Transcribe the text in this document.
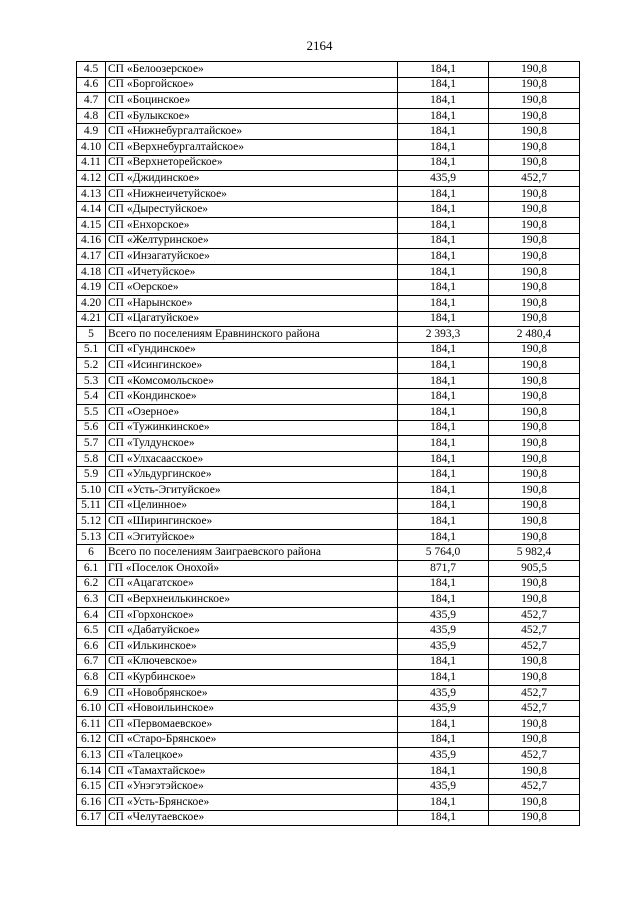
2164
4.5	СП «Белоозерское»	184,1	190,8
4.6	СП «Боргойское»	184,1	190,8
4.7	СП «Боцинское»	184,1	190,8
4.8	СП «Булыкское»	184,1	190,8
4.9	СП «Нижнебургалтайское»	184,1	190,8
4.10	СП «Верхнебургалтайское»	184,1	190,8
4.11	СП «Верхнеторейское»	184,1	190,8
4.12	СП «Джидинское»	435,9	452,7
4.13	СП «Нижнеичетуйское»	184,1	190,8
4.14	СП «Дырестуйское»	184,1	190,8
4.15	СП «Енхорское»	184,1	190,8
4.16	СП «Желтуринское»	184,1	190,8
4.17	СП «Инзагатуйское»	184,1	190,8
4.18	СП «Ичетуйское»	184,1	190,8
4.19	СП «Оерское»	184,1	190,8
4.20	СП «Нарынское»	184,1	190,8
4.21	СП «Цагатуйское»	184,1	190,8
5	Всего по поселениям Еравнинского района	2 393,3	2 480,4
5.1	СП «Гундинское»	184,1	190,8
5.2	СП «Исингинское»	184,1	190,8
5.3	СП «Комсомольское»	184,1	190,8
5.4	СП «Кондинское»	184,1	190,8
5.5	СП «Озерное»	184,1	190,8
5.6	СП «Тужинкинское»	184,1	190,8
5.7	СП «Тулдунское»	184,1	190,8
5.8	СП «Улхасаасское»	184,1	190,8
5.9	СП «Ульдургинское»	184,1	190,8
5.10	СП «Усть-Эгитуйское»	184,1	190,8
5.11	СП «Целинное»	184,1	190,8
5.12	СП «Ширингинское»	184,1	190,8
5.13	СП «Эгитуйское»	184,1	190,8
6	Всего по поселениям Заиграевского района	5 764,0	5 982,4
6.1	ГП «Поселок Онохой»	871,7	905,5
6.2	СП «Ацагатское»	184,1	190,8
6.3	СП «Верхнеилькинское»	184,1	190,8
6.4	СП «Горхонское»	435,9	452,7
6.5	СП «Дабатуйское»	435,9	452,7
6.6	СП «Илькинское»	435,9	452,7
6.7	СП «Ключевское»	184,1	190,8
6.8	СП «Курбинское»	184,1	190,8
6.9	СП «Новобрянское»	435,9	452,7
6.10	СП «Новоильинское»	435,9	452,7
6.11	СП «Первомаевское»	184,1	190,8
6.12	СП «Старо-Брянское»	184,1	190,8
6.13	СП «Талецкое»	435,9	452,7
6.14	СП «Тамахтайское»	184,1	190,8
6.15	СП «Унэгэтэйское»	435,9	452,7
6.16	СП «Усть-Брянское»	184,1	190,8
6.17	СП «Челутаевское»	184,1	190,8
